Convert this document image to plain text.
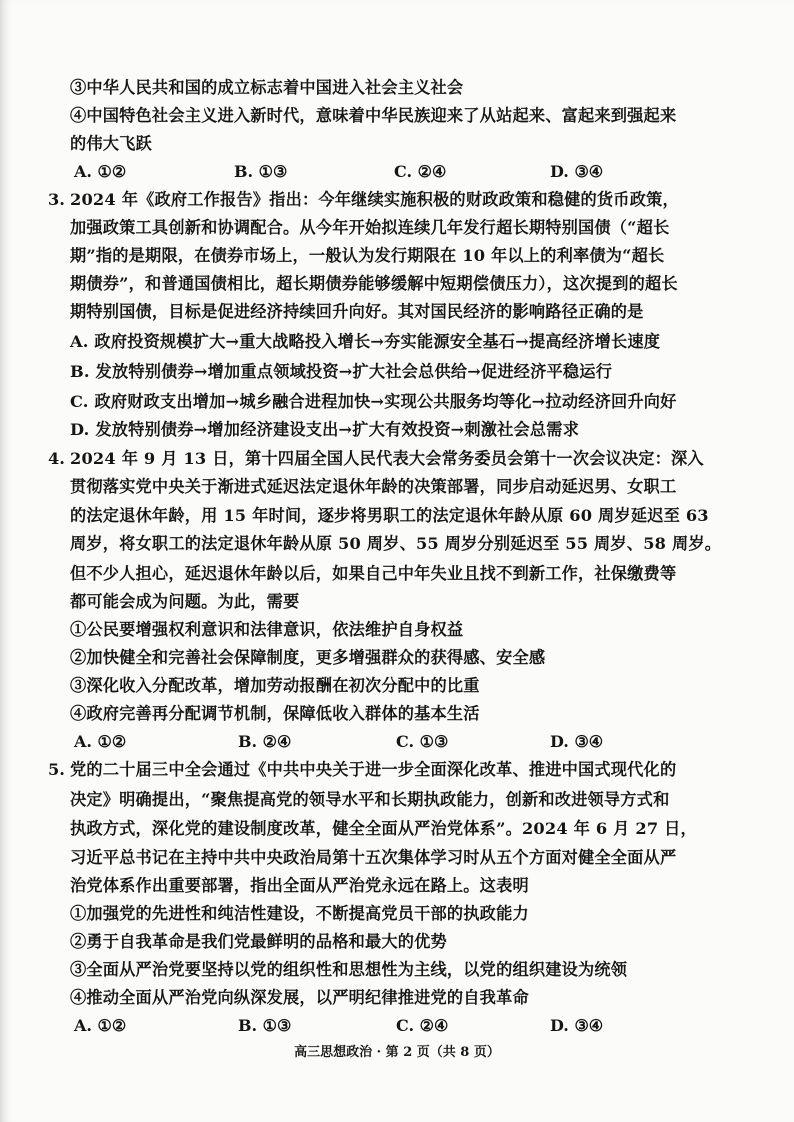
③中华人民共和国的成立标志着中国进入社会主义社会
④中国特色社会主义进入新时代，意味着中华民族迎来了从站起来、富起来到强起来
的伟大飞跃
A. ①②	B. ①③	C. ②④	D. ③④
3. 2024 年《政府工作报告》指出：今年继续实施积极的财政政策和稳健的货币政策，
加强政策工具创新和协调配合。从今年开始拟连续几年发行超长期特别国债（“超长
期”指的是期限，在债券市场上，一般认为发行期限在 10 年以上的利率债为“超长
期债券”，和普通国债相比，超长期债券能够缓解中短期偿债压力），这次提到的超长
期特别国债，目标是促进经济持续回升向好。其对国民经济的影响路径正确的是
A. 政府投资规模扩大→重大战略投入增长→夯实能源安全基石→提高经济增长速度
B. 发放特别债券→增加重点领域投资→扩大社会总供给→促进经济平稳运行
C. 政府财政支出增加→城乡融合进程加快→实现公共服务均等化→拉动经济回升向好
D. 发放特别债券→增加经济建设支出→扩大有效投资→刺激社会总需求
4. 2024 年 9 月 13 日，第十四届全国人民代表大会常务委员会第十一次会议决定：深入
贯彻落实党中央关于渐进式延迟法定退休年龄的决策部署，同步启动延迟男、女职工
的法定退休年龄，用 15 年时间，逐步将男职工的法定退休年龄从原 60 周岁延迟至 63
周岁，将女职工的法定退休年龄从原 50 周岁、55 周岁分别延迟至 55 周岁、58 周岁。
但不少人担心，延迟退休年龄以后，如果自己中年失业且找不到新工作，社保缴费等
都可能会成为问题。为此，需要
①公民要增强权利意识和法律意识，依法维护自身权益
②加快健全和完善社会保障制度，更多增强群众的获得感、安全感
③深化收入分配改革，增加劳动报酬在初次分配中的比重
④政府完善再分配调节机制，保障低收入群体的基本生活
A. ①②	B. ②④	C. ①③	D. ③④
5. 党的二十届三中全会通过《中共中央关于进一步全面深化改革、推进中国式现代化的
决定》明确提出，“聚焦提高党的领导水平和长期执政能力，创新和改进领导方式和
执政方式，深化党的建设制度改革，健全全面从严治党体系”。2024 年 6 月 27 日，
习近平总书记在主持中共中央政治局第十五次集体学习时从五个方面对健全全面从严
治党体系作出重要部署，指出全面从严治党永远在路上。这表明
①加强党的先进性和纯洁性建设，不断提高党员干部的执政能力
②勇于自我革命是我们党最鲜明的品格和最大的优势
③全面从严治党要坚持以党的组织性和思想性为主线，以党的组织建设为统领
④推动全面从严治党向纵深发展，以严明纪律推进党的自我革命
A. ①②	B. ①③	C. ②④	D. ③④
高三思想政治 · 第 2 页（共 8 页）
